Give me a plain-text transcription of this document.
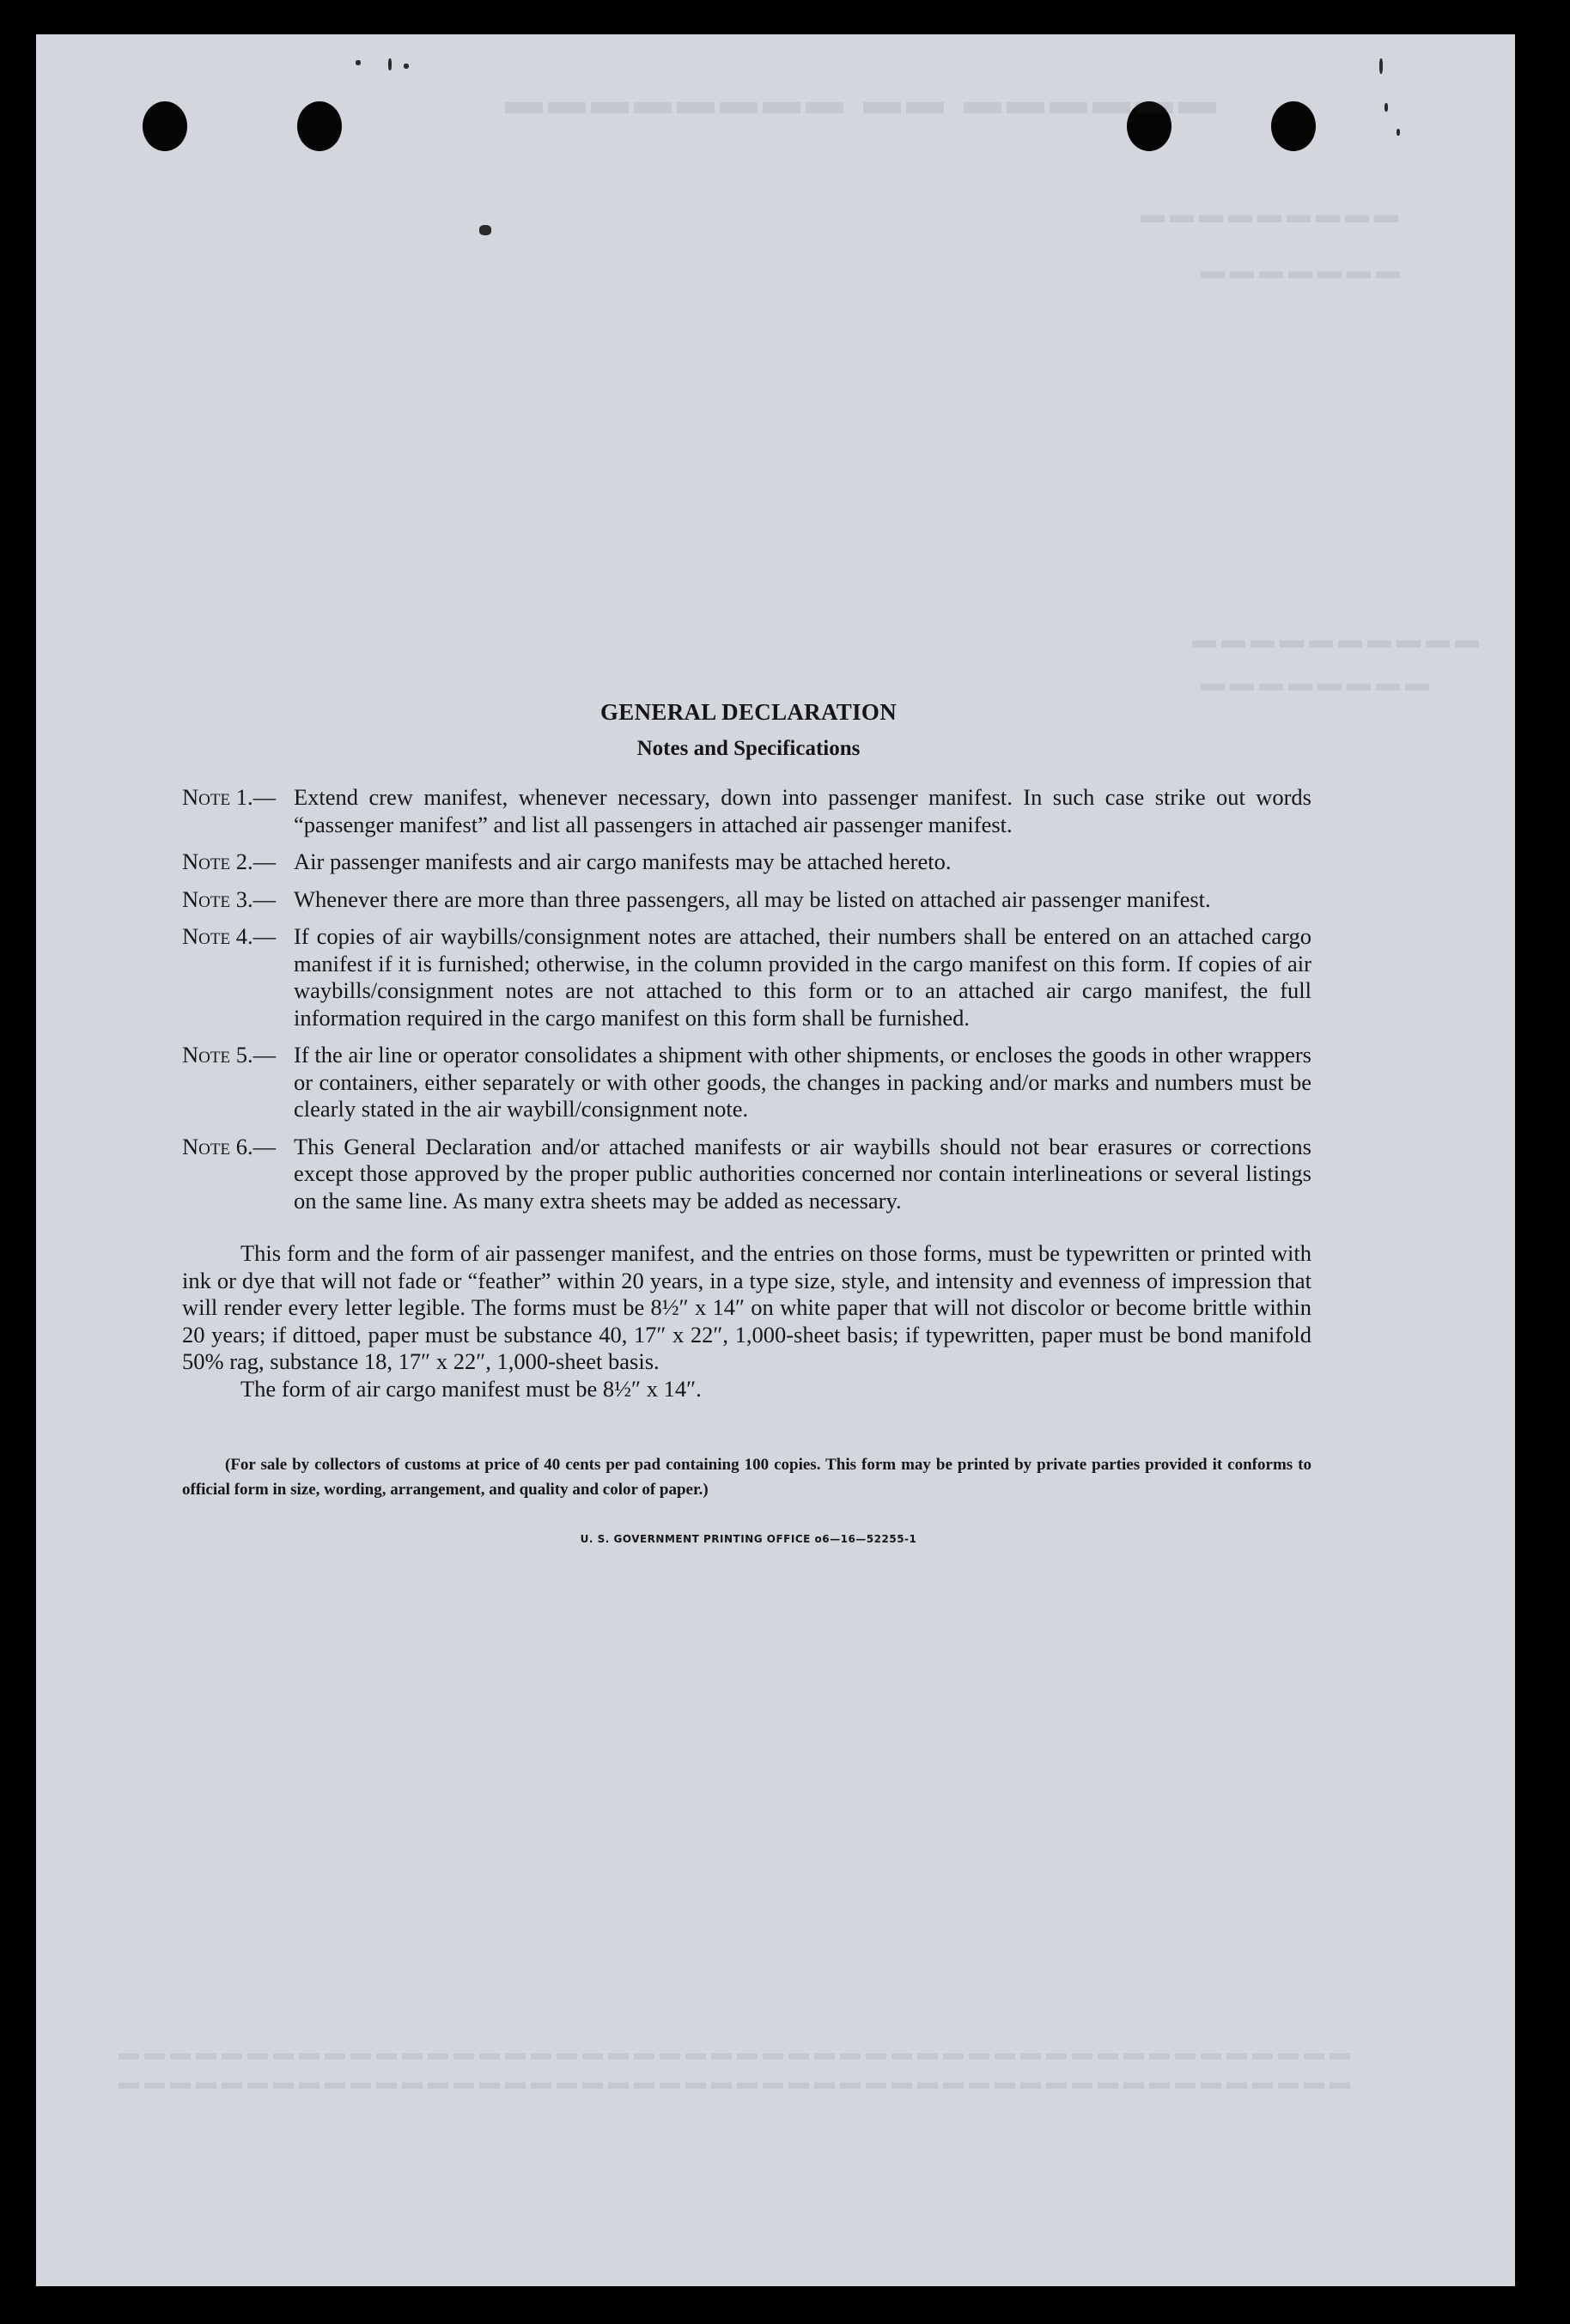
▬▬▬▬▬▬ ▬▬ ▬▬▬▬▬▬▬▬
▬▬▬▬▬▬▬▬▬
▬▬▬▬▬▬▬
▬▬▬▬▬▬▬▬▬▬
▬▬▬▬▬▬▬▬
▬▬▬▬▬▬▬▬▬▬▬▬▬▬▬▬▬▬▬▬▬▬▬▬▬▬▬▬▬▬▬▬▬▬▬▬▬▬▬▬▬▬▬▬▬▬▬▬
▬▬▬▬▬▬▬▬▬▬▬▬▬▬▬▬▬▬▬▬▬▬▬▬▬▬▬▬▬▬▬▬▬▬▬▬▬▬▬▬▬▬▬▬▬▬▬▬
GENERAL DECLARATION
Notes and Specifications
Note 1.— Extend crew manifest, whenever necessary, down into passenger manifest. In such case strike out words “passenger manifest” and list all passengers in attached air passenger manifest.
Note 2.— Air passenger manifests and air cargo manifests may be attached hereto.
Note 3.— Whenever there are more than three passengers, all may be listed on attached air passenger manifest.
Note 4.— If copies of air waybills/consignment notes are attached, their numbers shall be entered on an attached cargo manifest if it is furnished; otherwise, in the column provided in the cargo manifest on this form. If copies of air waybills/consignment notes are not attached to this form or to an attached air cargo manifest, the full information required in the cargo manifest on this form shall be furnished.
Note 5.— If the air line or operator consolidates a shipment with other shipments, or encloses the goods in other wrappers or containers, either separately or with other goods, the changes in packing and/or marks and numbers must be clearly stated in the air waybill/consignment note.
Note 6.— This General Declaration and/or attached manifests or air waybills should not bear erasures or corrections except those approved by the proper public authorities concerned nor contain interlineations or several listings on the same line. As many extra sheets may be added as necessary.
This form and the form of air passenger manifest, and the entries on those forms, must be typewritten or printed with ink or dye that will not fade or “feather” within 20 years, in a type size, style, and intensity and evenness of impression that will render every letter legible. The forms must be 8½″ x 14″ on white paper that will not discolor or become brittle within 20 years; if dittoed, paper must be substance 40, 17″ x 22″, 1,000-sheet basis; if typewritten, paper must be bond manifold 50% rag, substance 18, 17″ x 22″, 1,000-sheet basis.
The form of air cargo manifest must be 8½″ x 14″.
(For sale by collectors of customs at price of 40 cents per pad containing 100 copies. This form may be printed by private parties provided it conforms to official form in size, wording, arrangement, and quality and color of paper.)
U. S. GOVERNMENT PRINTING OFFICE o6—16—52255-1
